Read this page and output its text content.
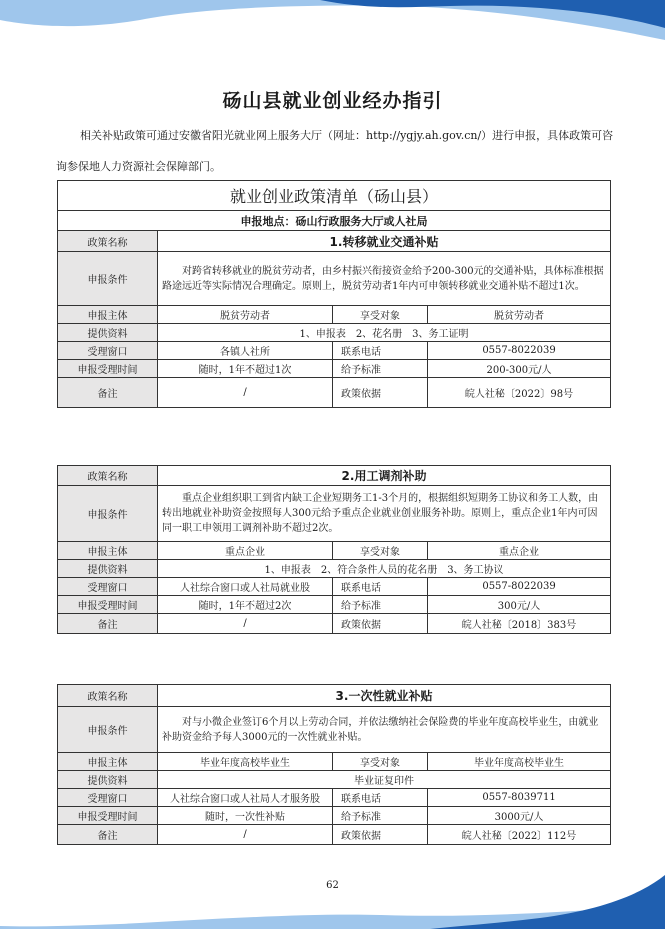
砀山县就业创业经办指引
相关补贴政策可通过安徽省阳光就业网上服务大厅（网址：http://ygjy.ah.gov.cn/）进行申报，具体政策可咨询参保地人力资源社会保障部门。
就业创业政策清单（砀山县）			
申报地点：砀山行政服务大厅或人社局			
政策名称	1.转移就业交通补贴		
申报条件	对跨省转移就业的脱贫劳动者，由乡村振兴衔接资金给予200-300元的交通补贴，具体标准根据路途远近等实际情况合理确定。原则上，脱贫劳动者1年内可申领转移就业交通补贴不超过1次。		
申报主体	脱贫劳动者	享受对象	脱贫劳动者
提供资料	1、申报表　2、花名册　3、务工证明		
受理窗口	各镇人社所	联系电话	0557-8022039
申报受理时间	随时，1年不超过1次	给予标准	200-300元/人
备注	/	政策依据	皖人社秘〔2022〕98号
政策名称	2.用工调剂补助		
申报条件	重点企业组织职工到省内缺工企业短期务工1-3个月的，根据组织短期务工协议和务工人数，由转出地就业补助资金按照每人300元给予重点企业就业创业服务补助。原则上，重点企业1年内可因同一职工申领用工调剂补助不超过2次。		
申报主体	重点企业	享受对象	重点企业
提供资料	1、申报表　2、符合条件人员的花名册　3、务工协议		
受理窗口	人社综合窗口或人社局就业股	联系电话	0557-8022039
申报受理时间	随时，1年不超过2次	给予标准	300元/人
备注	/	政策依据	皖人社秘〔2018〕383号
政策名称	3.一次性就业补贴		
申报条件	对与小微企业签订6个月以上劳动合同，并依法缴纳社会保险费的毕业年度高校毕业生，由就业补助资金给予每人3000元的一次性就业补贴。		
申报主体	毕业年度高校毕业生	享受对象	毕业年度高校毕业生
提供资料	毕业证复印件		
受理窗口	人社综合窗口或人社局人才服务股	联系电话	0557-8039711
申报受理时间	随时，一次性补贴	给予标准	3000元/人
备注	/	政策依据	皖人社秘〔2022〕112号
62
